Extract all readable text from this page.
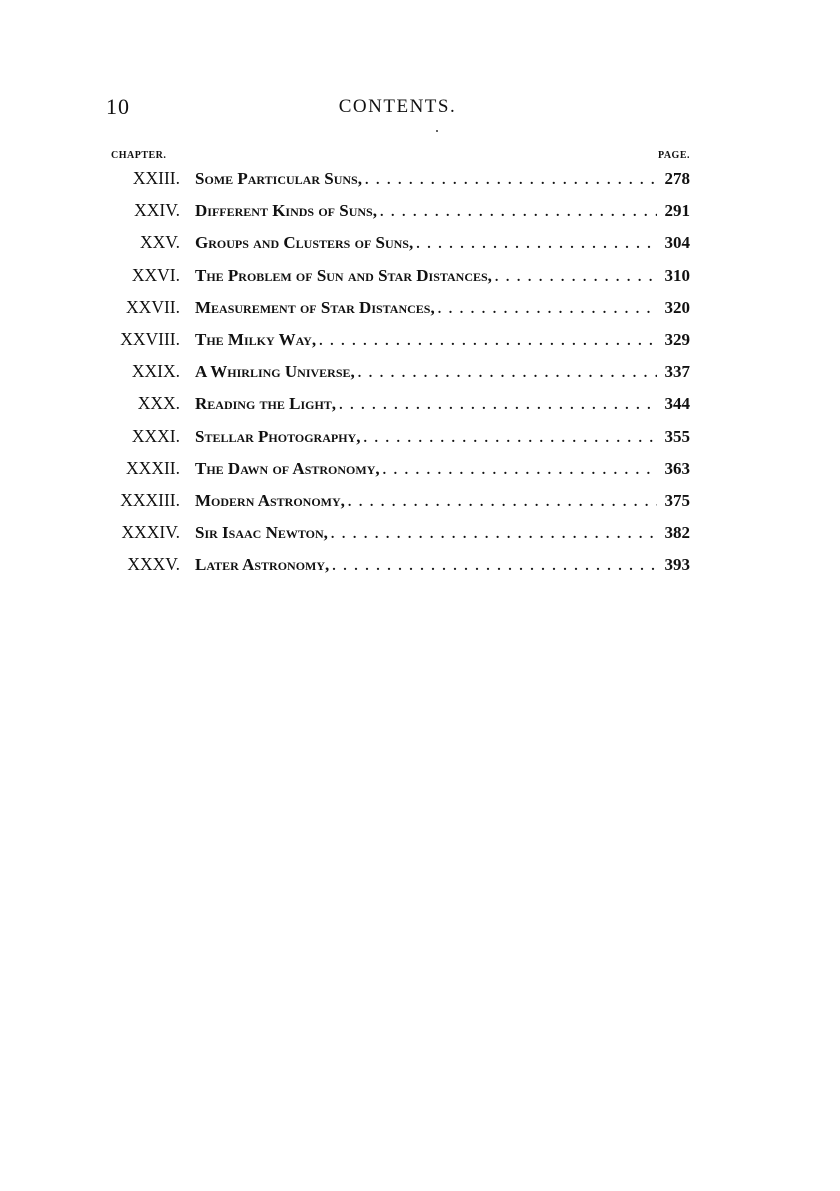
10	CONTENTS.
CHAPTER.	PAGE.
XXIII. Some Particular Suns, . . .	278
XXIV. Different Kinds of Suns, . . .	291
XXV. Groups and Clusters of Suns, . . .	304
XXVI. The Problem of Sun and Star Distances, . . .	310
XXVII. Measurement of Star Distances, . . .	320
XXVIII. The Milky Way, . . .	329
XXIX. A Whirling Universe, . . .	337
XXX. Reading the Light, . . .	344
XXXI. Stellar Photography, . . .	355
XXXII. The Dawn of Astronomy, . . .	363
XXXIII. Modern Astronomy, . . .	375
XXXIV. Sir Isaac Newton, . . .	382
XXXV. Later Astronomy, . . .	393
